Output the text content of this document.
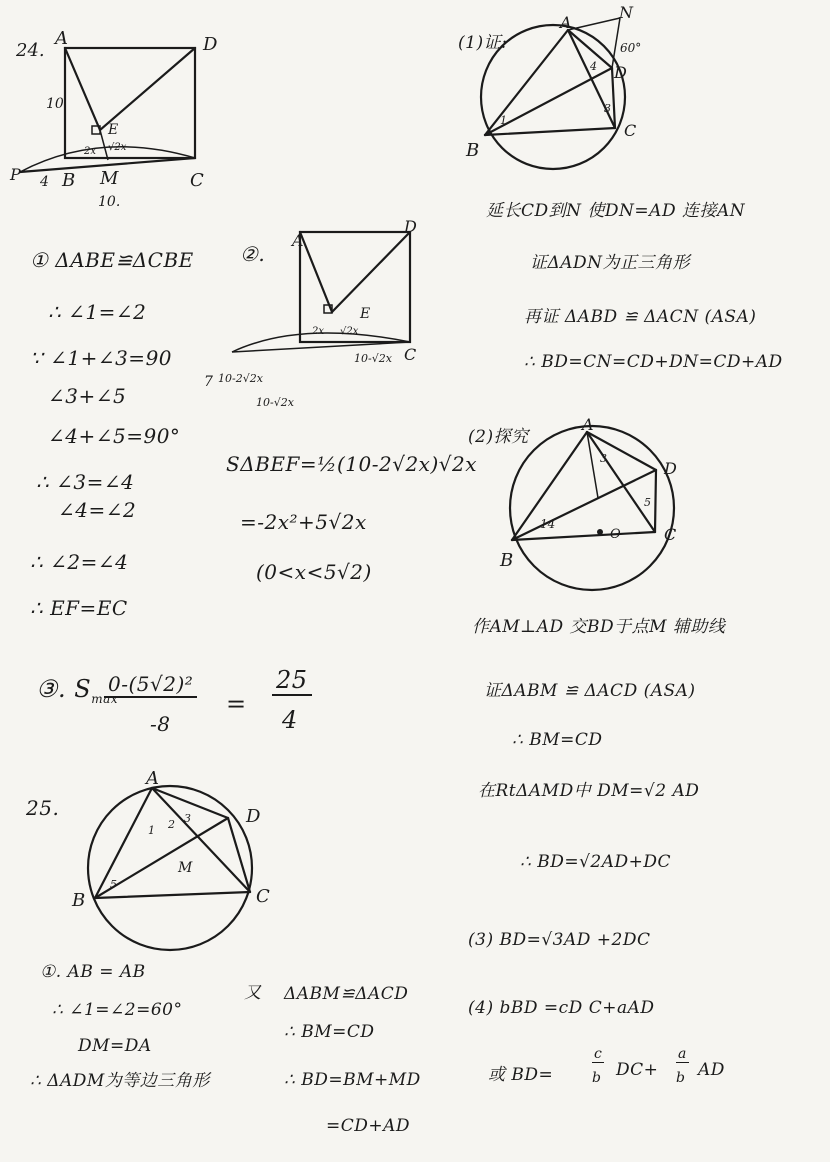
24.
A	D
10
E
P 4 B M	C
10.
2x √2x
A
D
E
C
2x √2x
7 10-2√2x
10-√2x
10-√2x
A
D
B	C
M
1 2 3
5
A
N
60°
D
B
C
4
1
3
A
D
B
C
O
14
3
5
① ΔABE≌ΔCBE
∴ ∠1=∠2
∵ ∠1+∠3=90
∠3+∠5
∠4+∠5=90°
∴ ∠3=∠4
∠4=∠2
∴ ∠2=∠4
∴ EF=EC
②.
SΔBEF=½(10-2√2x)√2x
=-2x²+5√2x
(0<x<5√2)
③. $S_{max}$
0-(5√2)²
-8
=
25
4
25.
①. AB = AB
∴ ∠1=∠2=60°
DM=DA
∴ ΔADM为等边三角形
又 ΔABM≌ΔACD
∴ BM=CD
∴ BD=BM+MD
=CD+AD
(1)证:
延长CD到N 使DN=AD 连接AN
证ΔADN为正三角形
再证 ΔABD ≌ ΔACN (ASA)
∴ BD=CN=CD+DN=CD+AD
(2)探究
作AM⊥AD 交BD于点M 辅助线
证ΔABM ≌ ΔACD (ASA)
∴ BM=CD
在RtΔAMD中 DM=√2 AD
∴ BD=√2AD+DC
(3) BD=√3AD +2DC
(4) bBD =cD C+aAD
或 BD=
c
b DC+
a
b AD
